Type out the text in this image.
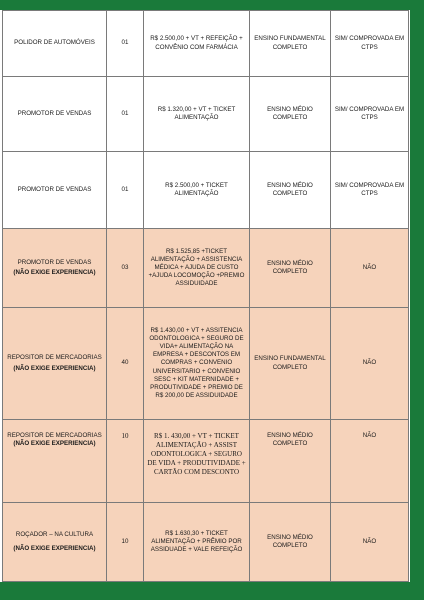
POLIDOR DE AUTOMÓVEIS	01	R$ 2.500,00 + VT + REFEIÇÃO + CONVÊNIO COM FARMÁCIA	ENSINO FUNDAMENTAL COMPLETO	SIM/ COMPROVADA EM CTPS
PROMOTOR DE VENDAS	01	R$ 1.320,00 + VT + TICKET ALIMENTAÇÃO	ENSINO MÉDIO COMPLETO	SIM/ COMPROVADA EM CTPS
PROMOTOR DE VENDAS	01	R$ 2.500,00 + TICKET ALIMENTAÇÃO	ENSINO MÉDIO COMPLETO	SIM/ COMPROVADA EM CTPS
PROMOTOR DE VENDAS
(NÃO EXIGE EXPERIENCIA)	03	R$ 1.525,85 +TICKET ALIMENTAÇÃO + ASSISTENCIA MÉDICA + AJUDA DE CUSTO +AJUDA LOCOMOÇÃO +PREMIO ASSIDUIDADE	ENSINO MÉDIO COMPLETO	NÃO
REPOSITOR DE MERCADORIAS
(NÃO EXIGE EXPERIENCIA)	40	R$ 1.430,00 + VT + ASSITENCIA ODONTOLOGICA + SEGURO DE VIDA+ ALIMENTAÇÃO NA EMPRESA + DESCONTOS EM COMPRAS + CONVENIO UNIVERSITARIO + CONVENIO SESC + KIT MATERNIDADE + PRODUTIVIDADE + PREMIO DE R$ 200,00 DE ASSIDUIDADE	ENSINO FUNDAMENTAL COMPLETO	NÃO
REPOSITOR DE MERCADORIAS
(NÃO EXIGE EXPERIENCIA)	10	R$ 1. 430,00 + VT + TICKET ALIMENTAÇÃO + ASSIST ODONTOLOGICA + SEGURO DE VIDA + PRODUTIVIDADE + CARTÃO COM DESCONTO	ENSINO MÉDIO COMPLETO	NÃO
ROÇADOR – NA CULTURA
(NÃO EXIGE EXPERIENCIA)	10	R$ 1.630,30 + TICKET ALIMENTAÇÃO + PRÊMIO POR ASSIDUADE + VALE REFEIÇÃO	ENSINO MÉDIO COMPLETO	NÃO
